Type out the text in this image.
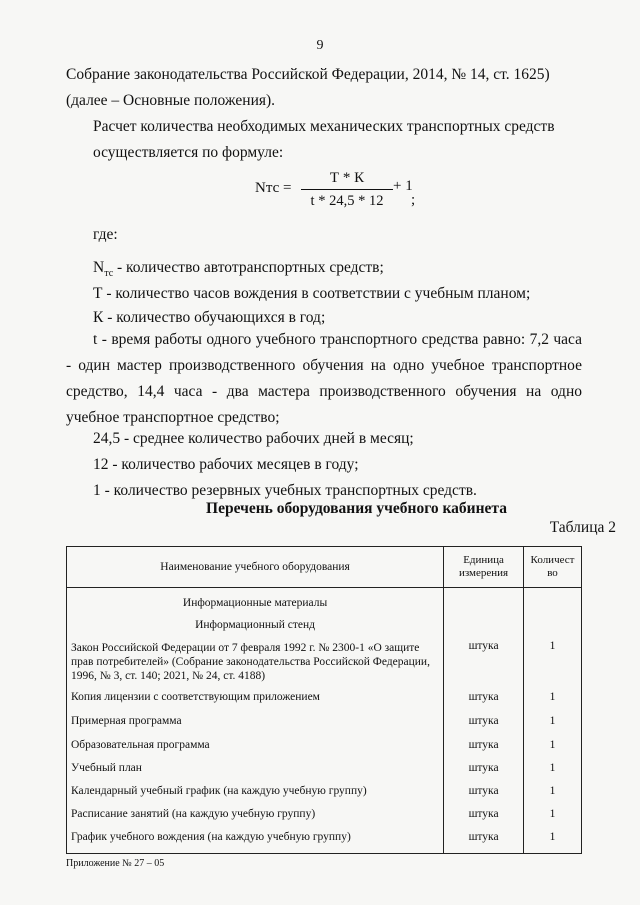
9
Собрание законодательства Российской Федерации, 2014, № 14, ст. 1625) (далее – Основные положения).
Расчет количества необходимых механических транспортных средств осуществляется по формуле:
Nтс =
Т * К
t * 24,5 * 12
+ 1
;
где:
$N_{тс}$ - количество автотранспортных средств;
Т - количество часов вождения в соответствии с учебным планом;
К - количество обучающихся в год;
t - время работы одного учебного транспортного средства равно: 7,2 часа - один мастер производственного обучения на одно учебное транспортное средство, 14,4 часа - два мастера производственного обучения на одно учебное транспортное средство;
24,5 - среднее количество рабочих дней в месяц;
12 - количество рабочих месяцев в году;
1 - количество резервных учебных транспортных средств.
Перечень оборудования учебного кабинета
Таблица 2
Наименование учебного оборудования	Единица измерения	Количест во
Информационные материалы		
Информационный стенд		
Закон Российской Федерации от 7 февраля 1992 г. № 2300-1 «О защите прав потребителей» (Собрание законодательства Российской Федерации, 1996, № 3, ст. 140; 2021, № 24, ст. 4188)	штука	1
Копия лицензии с соответствующим приложением	штука	1
Примерная программа	штука	1
Образовательная программа	штука	1
Учебный план	штука	1
Календарный учебный график (на каждую учебную группу)	штука	1
Расписание занятий (на каждую учебную группу)	штука	1
График учебного вождения (на каждую учебную группу)	штука	1
Приложение № 27 – 05
